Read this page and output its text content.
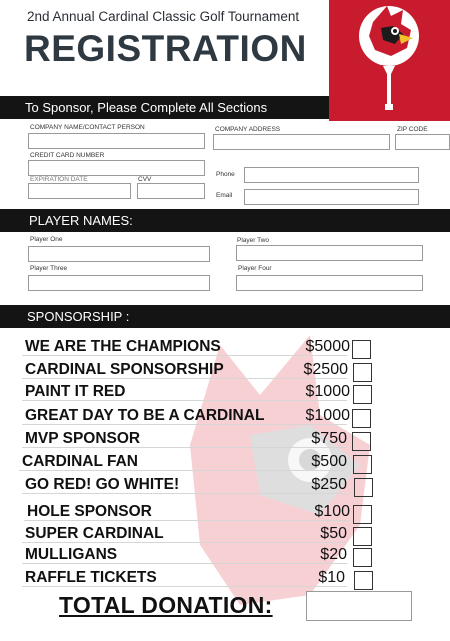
2nd Annual Cardinal Classic Golf Tournament
REGISTRATION
To Sponsor, Please Complete All Sections
COMPANY NAME/CONTACT PERSON	COMPANY ADDRESS	ZIP CODE
CREDIT CARD NUMBER
EXPIRATION DATE	CVV
Phone
Email
PLAYER NAMES:
Player One	Player Two
Player Three	Player Four
SPONSORSHIP :
WE ARE THE CHAMPIONS	$5000
CARDINAL SPONSORSHIP	$2500
PAINT IT RED	$1000
GREAT DAY TO BE A CARDINAL	$1000
MVP SPONSOR	$750
CARDINAL FAN	$500
GO RED! GO WHITE!	$250
HOLE SPONSOR	$100
SUPER CARDINAL	$50
MULLIGANS	$20
RAFFLE TICKETS	$10
TOTAL DONATION:
